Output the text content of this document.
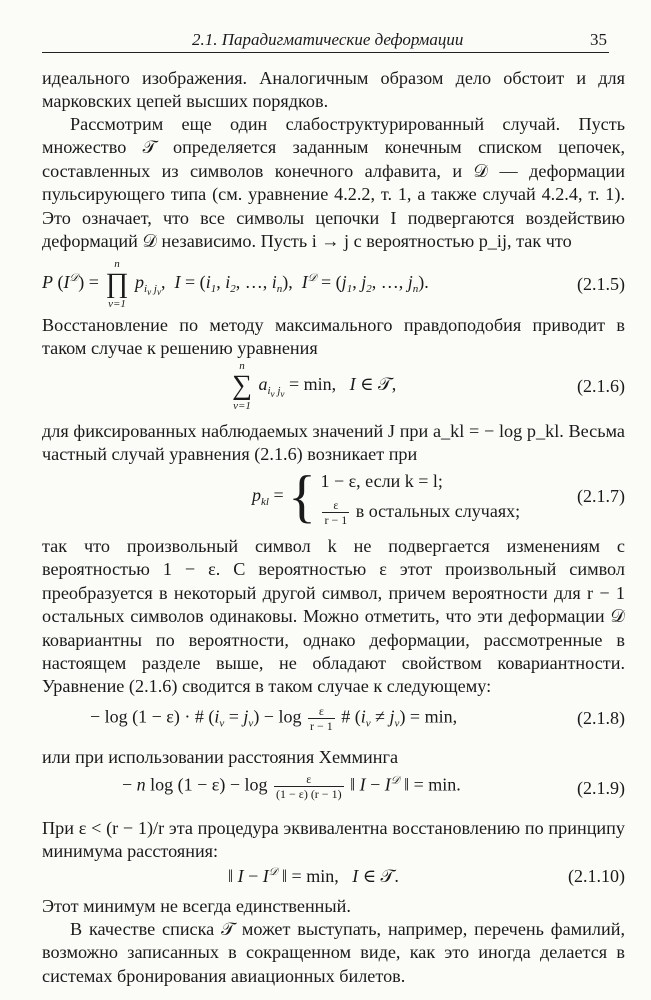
2.1. Парадигматические деформации	35

идеального изображения. Аналогичным образом дело обстоит и для марковских цепей высших порядков.

Рассмотрим еще один слабоструктурированный случай. Пусть множество 𝒯 определяется заданным конечным списком цепочек, составленных из символов конечного алфавита, и 𝒟 — деформации пульсирующего типа (см. уравнение 4.2.2, т. 1, а также случай 4.2.4, т. 1). Это означает, что все символы цепочки I подвергаются воздействию деформаций 𝒟 независимо. Пусть i → j с вероятностью p_ij, так что

P $(I^𝒟)$ =
n
∏
ν=1
$p_{i_\nu j_\nu}$,  $I = (i_1$, $i_2$, …, $i_n$),  $I^𝒟 = (j_1$, $j_2$, …, $j_n$).	(2.1.5)

Восстановление по методу максимального правдоподобия приводит в таком случае к решению уравнения

n
∑
ν=1
$a_{i_\nu j_\nu} = \min$,   I ∈ 𝒯,	(2.1.6)

для фиксированных наблюдаемых значений J при a_kl = − log p_kl. Весьма частный случай уравнения (2.1.6) возникает при

$p_{kl}$ = { 1 − ε, если k = l;
$\frac{\varepsilon}{r - 1}$ в остальных случаях;
(2.1.7)

так что произвольный символ k не подвергается изменениям с вероятностью 1 − ε. С вероятностью ε этот произвольный символ преобразуется в некоторый другой символ, причем вероятности для r − 1 остальных символов одинаковы. Можно отметить, что эти деформации 𝒟 ковариантны по вероятности, однако деформации, рассмотренные в настоящем разделе выше, не обладают свойством ковариантности. Уравнение (2.1.6) сводится в таком случае к следующему:

− log (1 − ε) · # $(i_\nu = j_\nu) - \log \frac{\varepsilon}{r - 1}$ # $(i_\nu \ne j_\nu) = \min$,	(2.1.8)

или при использовании расстояния Хемминга

− n $\log (1 - \varepsilon) - \log \frac{\varepsilon}{(1 - \varepsilon) (r - 1)}$ ‖ $I - I^𝒟$ ‖ = min.	(2.1.9)

При ε < (r − 1)/r эта процедура эквивалентна восстановлению по принципу минимума расстояния:

‖ $I - I^𝒟$ ‖ = min,   I ∈ 𝒯.	(2.1.10)

Этот минимум не всегда единственный.

В качестве списка 𝒯 может выступать, например, перечень фамилий, возможно записанных в сокращенном виде, как это иногда делается в системах бронирования авиационных билетов.
